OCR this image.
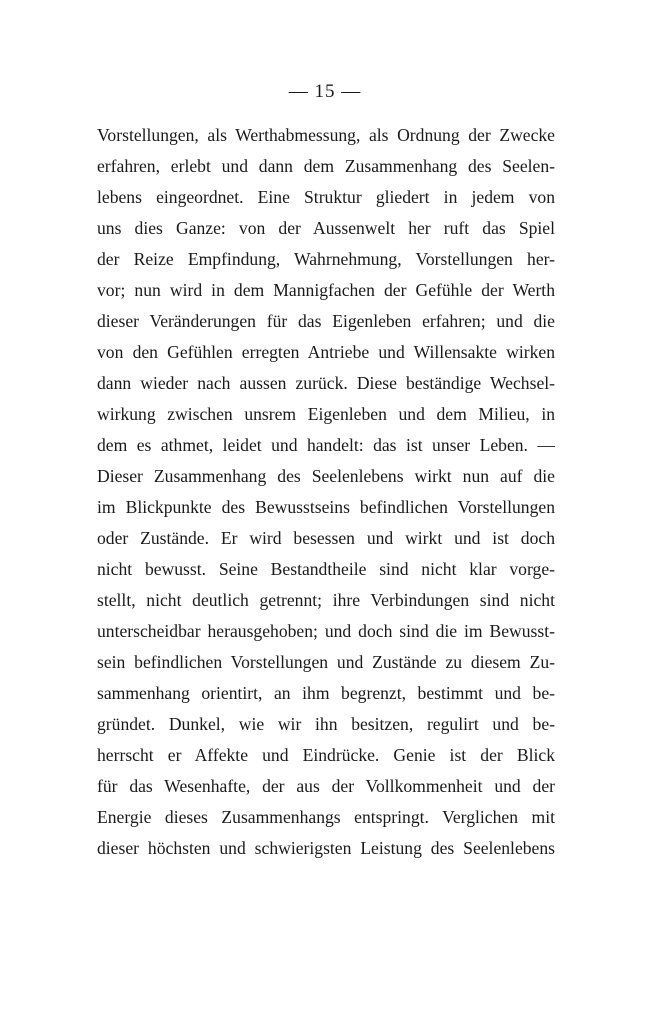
— 15 —
Vorstellungen, als Werthabmessung, als Ordnung der Zwecke
erfahren, erlebt und dann dem Zusammenhang des Seelen-
lebens eingeordnet. Eine Struktur gliedert in jedem von
uns dies Ganze: von der Aussenwelt her ruft das Spiel
der Reize Empfindung, Wahrnehmung, Vorstellungen her-
vor; nun wird in dem Mannigfachen der Gefühle der Werth
dieser Veränderungen für das Eigenleben erfahren; und die
von den Gefühlen erregten Antriebe und Willensakte wirken
dann wieder nach aussen zurück. Diese beständige Wechsel-
wirkung zwischen unsrem Eigenleben und dem Milieu, in
dem es athmet, leidet und handelt: das ist unser Leben. —
Dieser Zusammenhang des Seelenlebens wirkt nun auf die
im Blickpunkte des Bewusstseins befindlichen Vorstellungen
oder Zustände. Er wird besessen und wirkt und ist doch
nicht bewusst. Seine Bestandtheile sind nicht klar vorge-
stellt, nicht deutlich getrennt; ihre Verbindungen sind nicht
unterscheidbar herausgehoben; und doch sind die im Bewusst-
sein befindlichen Vorstellungen und Zustände zu diesem Zu-
sammenhang orientirt, an ihm begrenzt, bestimmt und be-
gründet. Dunkel, wie wir ihn besitzen, regulirt und be-
herrscht er Affekte und Eindrücke. Genie ist der Blick
für das Wesenhafte, der aus der Vollkommenheit und der
Energie dieses Zusammenhangs entspringt. Verglichen mit
dieser höchsten und schwierigsten Leistung des Seelenlebens
